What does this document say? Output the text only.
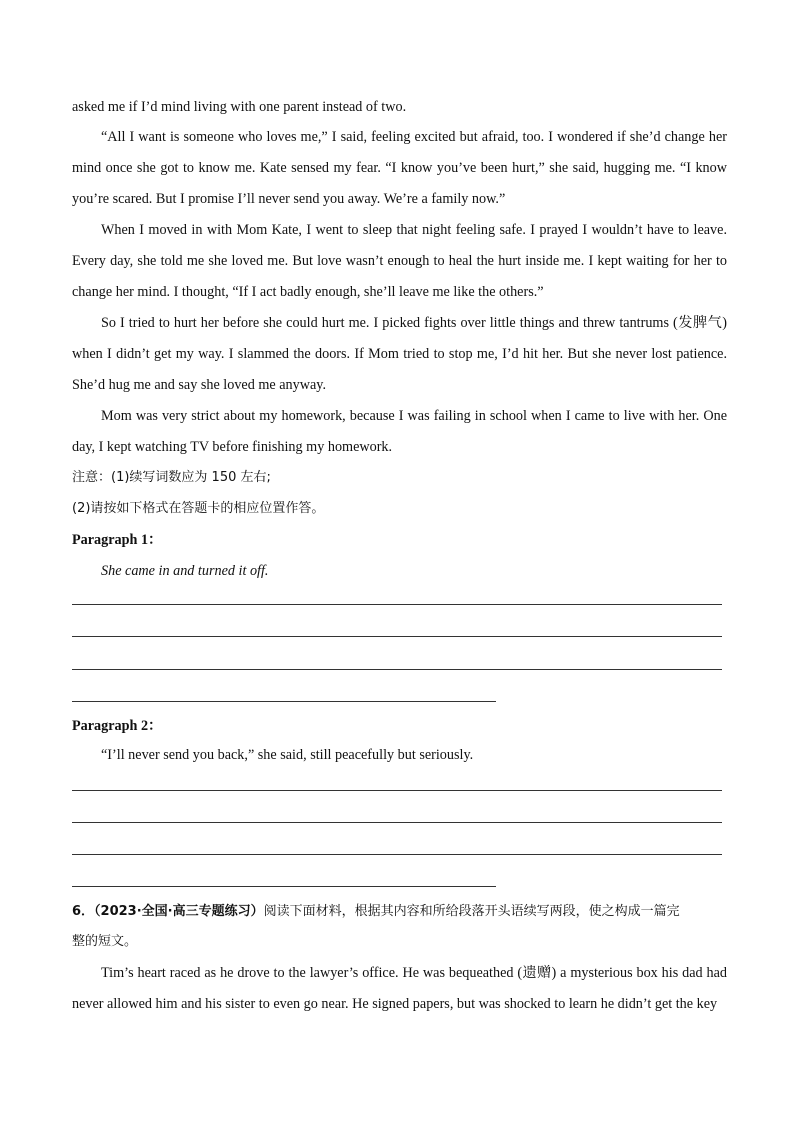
asked me if I’d mind living with one parent instead of two.
“All I want is someone who loves me,” I said, feeling excited but afraid, too. I wondered if she’d change her
mind once she got to know me. Kate sensed my fear. “I know you’ve been hurt,” she said, hugging me. “I know
you’re scared. But I promise I’ll never send you away. We’re a family now.”
When I moved in with Mom Kate, I went to sleep that night feeling safe. I prayed I wouldn’t have to leave.
Every day, she told me she loved me. But love wasn’t enough to heal the hurt inside me. I kept waiting for her to
change her mind. I thought, “If I act badly enough, she’ll leave me like the others.”
So I tried to hurt her before she could hurt me. I picked fights over little things and threw tantrums (发脾气)
when I didn’t get my way. I slammed the doors. If Mom tried to stop me, I’d hit her. But she never lost patience.
She’d hug me and say she loved me anyway.
Mom was very strict about my homework, because I was failing in school when I came to live with her. One
day, I kept watching TV before finishing my homework.
注意：(1)续写词数应为 150 左右;
(2)请按如下格式在答题卡的相应位置作答。
Paragraph 1：
She came in and turned it off.
Paragraph 2：
“I’ll never send you back,” she said, still peacefully but seriously.
6．（2023·全国·高三专题练习）阅读下面材料，根据其内容和所给段落开头语续写两段，使之构成一篇完
整的短文。
Tim’s heart raced as he drove to the lawyer’s office. He was bequeathed (遗赠) a mysterious box his dad had
never allowed him and his sister to even go near. He signed papers, but was shocked to learn he didn’t get the key
